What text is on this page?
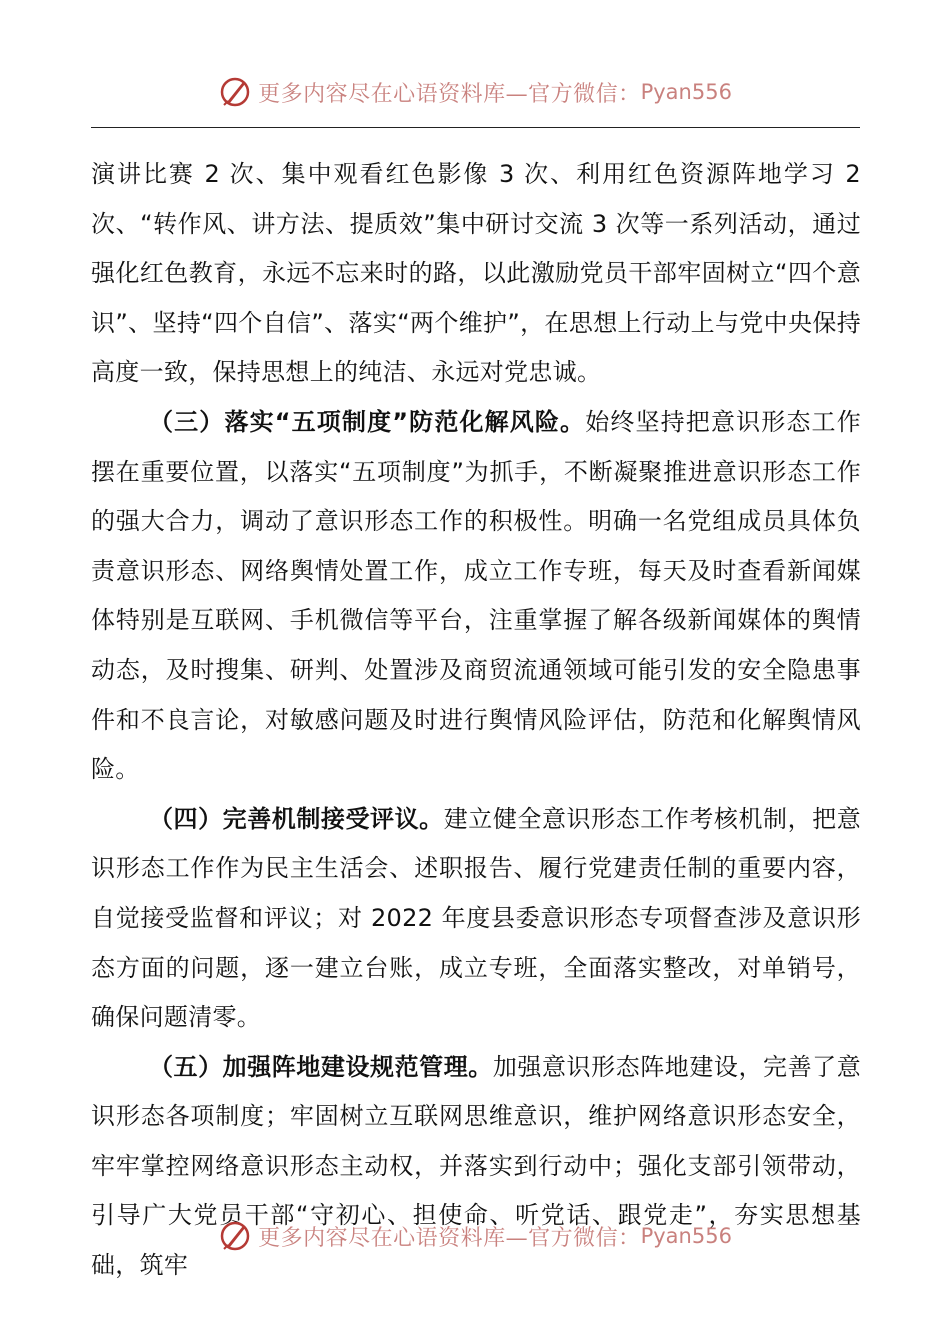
更多内容尽在心语资料库—官方微信： Pyan556

演讲比赛 2 次、集中观看红色影像 3 次、利用红色资源阵地学习 2 次、“转作风、讲方法、提质效”集中研讨交流 3 次等一系列活动，通过强化红色教育，永远不忘来时的路，以此激励党员干部牢固树立“四个意识”、坚持“四个自信”、落实“两个维护”，在思想上行动上与党中央保持高度一致，保持思想上的纯洁、永远对党忠诚。

（三）落实“五项制度”防范化解风险。始终坚持把意识形态工作摆在重要位置，以落实“五项制度”为抓手，不断凝聚推进意识形态工作的强大合力，调动了意识形态工作的积极性。明确一名党组成员具体负责意识形态、网络舆情处置工作，成立工作专班，每天及时查看新闻媒体特别是互联网、手机微信等平台，注重掌握了解各级新闻媒体的舆情动态，及时搜集、研判、处置涉及商贸流通领域可能引发的安全隐患事件和不良言论，对敏感问题及时进行舆情风险评估，防范和化解舆情风险。

（四）完善机制接受评议。建立健全意识形态工作考核机制，把意识形态工作作为民主生活会、述职报告、履行党建责任制的重要内容，自觉接受监督和评议；对 2022 年度县委意识形态专项督查涉及意识形态方面的问题，逐一建立台账，成立专班，全面落实整改，对单销号，确保问题清零。

（五）加强阵地建设规范管理。加强意识形态阵地建设，完善了意识形态各项制度；牢固树立互联网思维意识，维护网络意识形态安全，牢牢掌控网络意识形态主动权，并落实到行动中；强化支部引领带动，引导广大党员干部“守初心、担使命、听党话、跟党走”，夯实思想基础，筑牢

更多内容尽在心语资料库—官方微信： Pyan556
